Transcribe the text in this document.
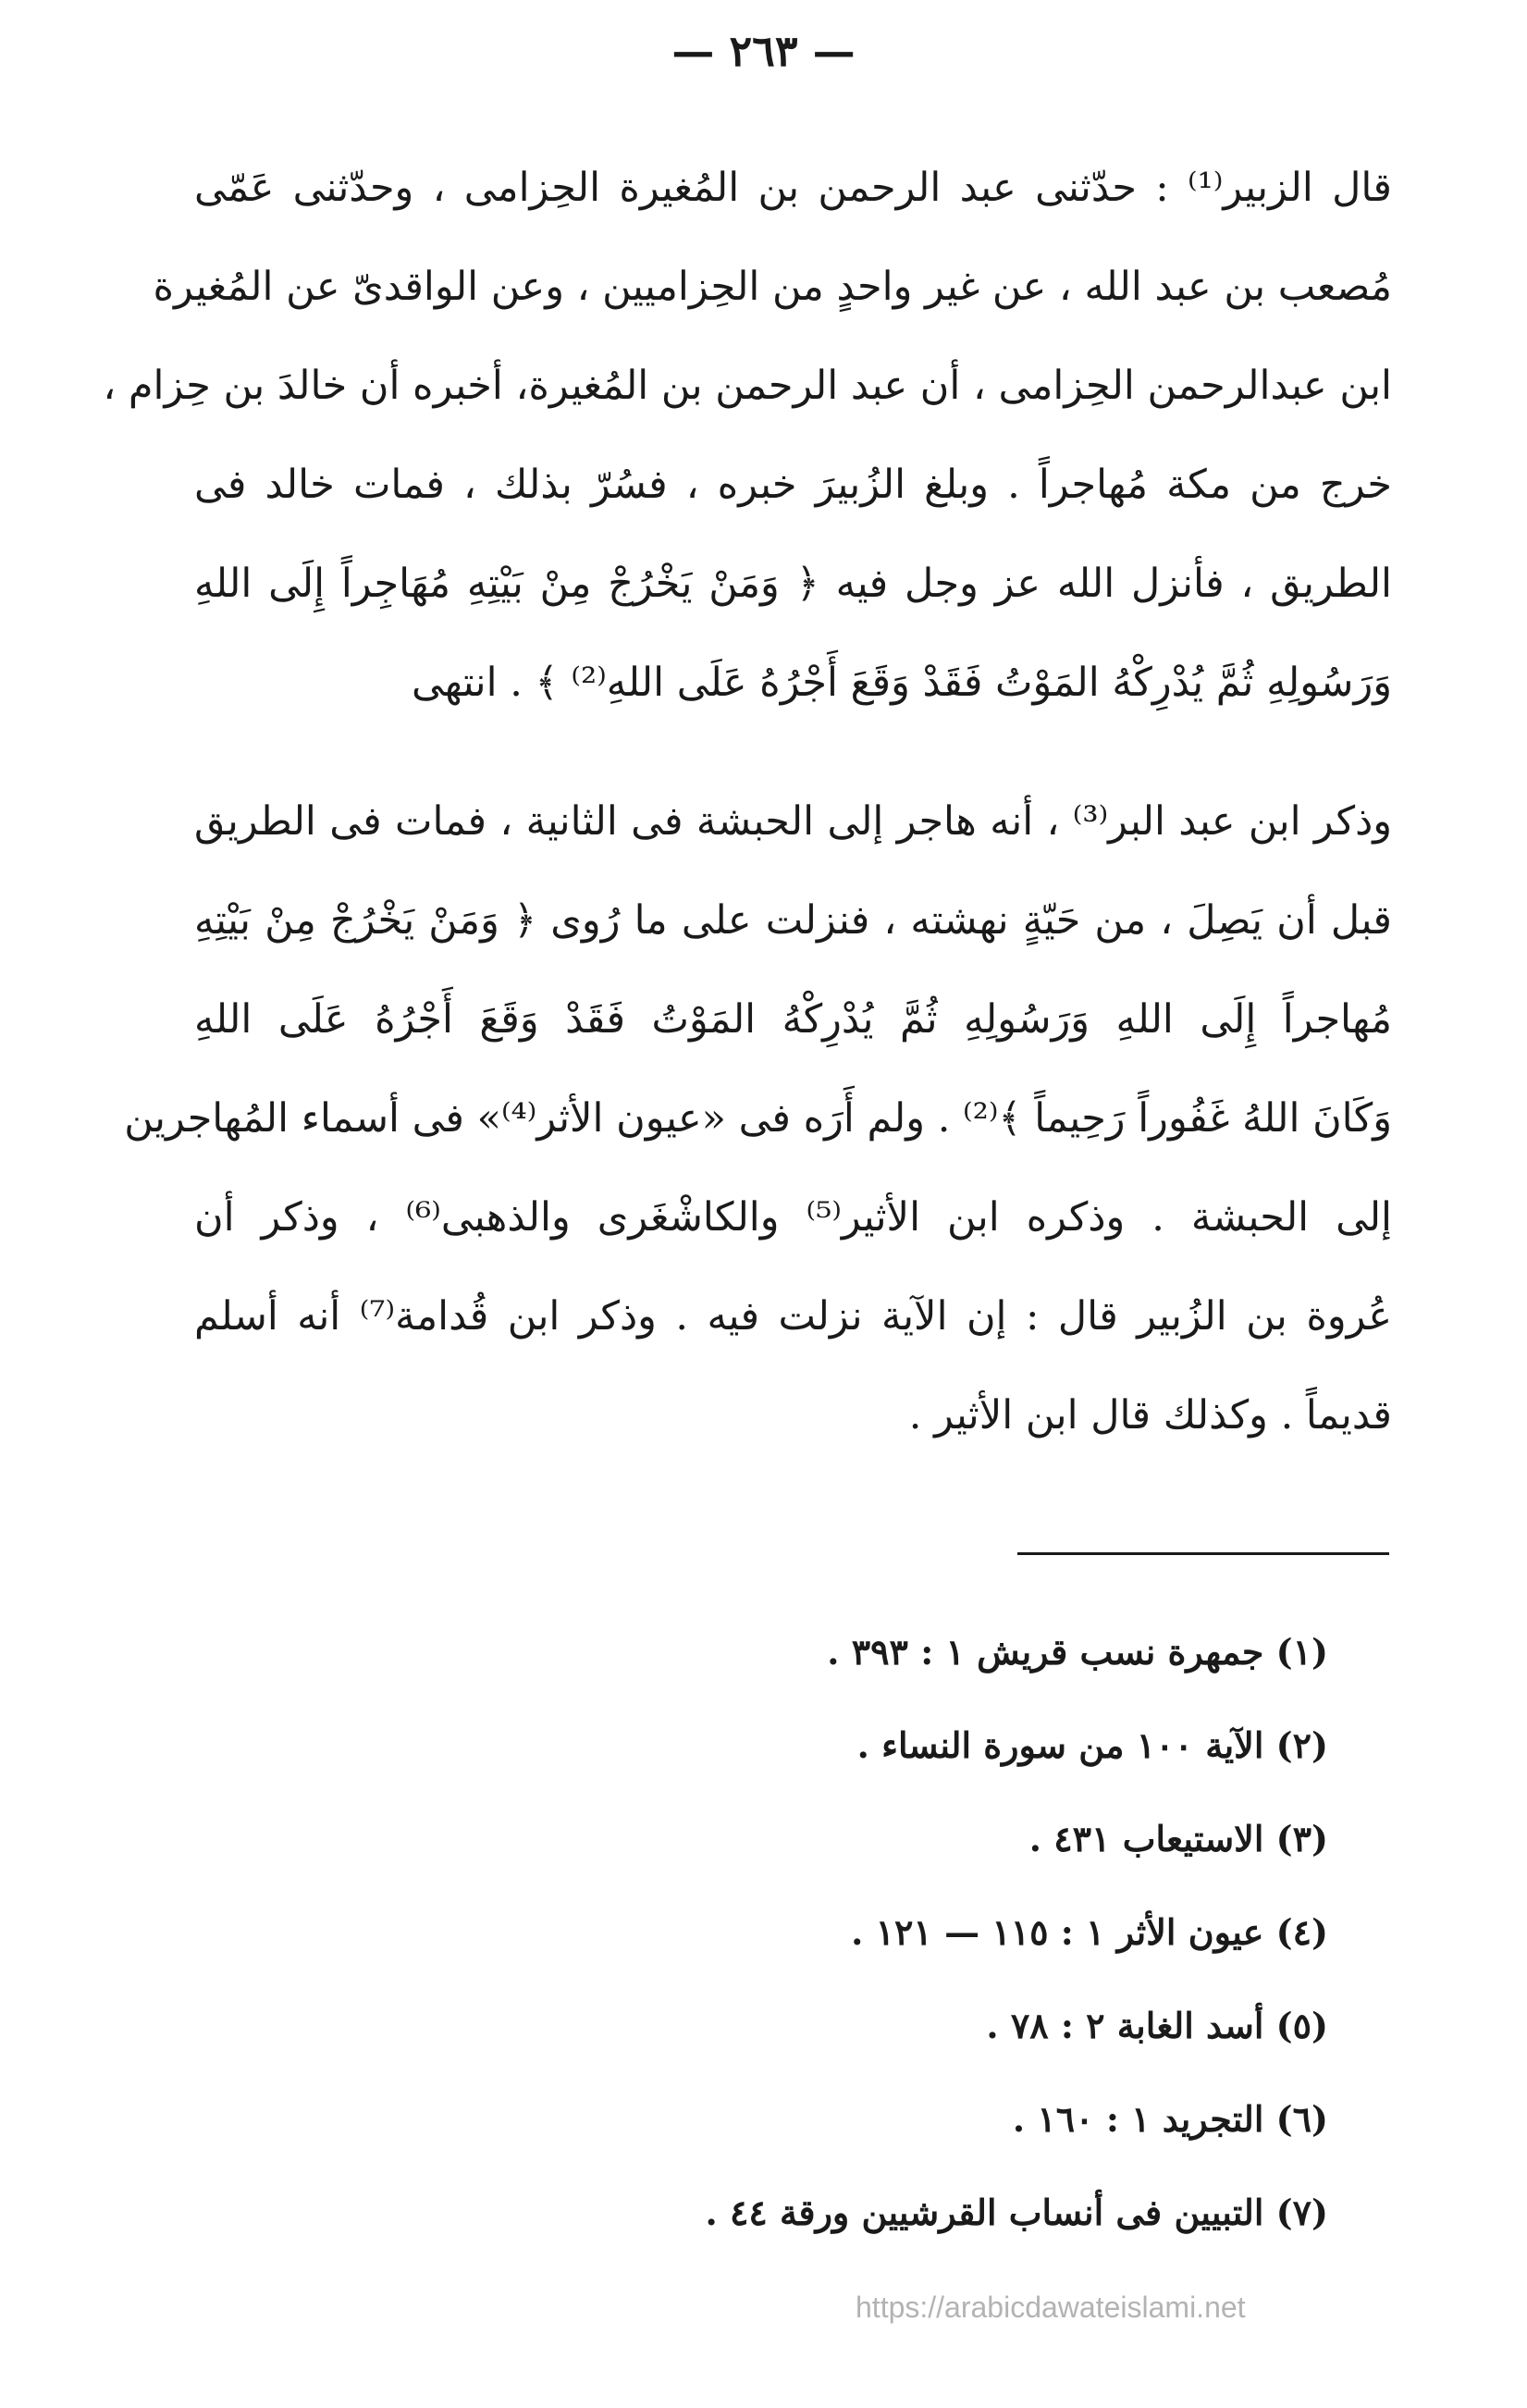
— ٢٦٣ —
قال الزبير⁽¹⁾ : حدّثنى عبد الرحمن بن المُغيرة الحِزامى ، وحدّثنى عَمّى
مُصعب بن عبد الله ، عن غير واحدٍ من الحِزاميين ، وعن الواقدىّ عن المُغيرة
ابن عبدالرحمن الحِزامى ، أن عبد الرحمن بن المُغيرة، أخبره أن خالدَ بن حِزام ،
خرج من مكة مُهاجراً . وبلغ الزُبيرَ خبره ، فسُرّ بذلك ، فمات خالد فى
الطريق ، فأنزل الله عز وجل فيه ﴿ وَمَنْ يَخْرُجْ مِنْ بَيْتِهِ مُهَاجِراً إِلَى اللهِ
وَرَسُولِهِ ثُمَّ يُدْرِكْهُ المَوْتُ فَقَدْ وَقَعَ أَجْرُهُ عَلَى اللهِ⁽²⁾ ﴾ . انتهى
وذكر ابن عبد البر⁽³⁾ ، أنه هاجر إلى الحبشة فى الثانية ، فمات فى الطريق
قبل أن يَصِلَ ، من حَيّةٍ نهشته ، فنزلت على ما رُوى ﴿ وَمَنْ يَخْرُجْ مِنْ بَيْتِهِ
مُهاجراً إِلَى اللهِ وَرَسُولِهِ ثُمَّ يُدْرِكْهُ المَوْتُ فَقَدْ وَقَعَ أَجْرُهُ عَلَى اللهِ
وَكَانَ اللهُ غَفُوراً رَحِيماً ﴾⁽²⁾ . ولم أَرَه فى «عيون الأثر⁽⁴⁾» فى أسماء المُهاجرين
إلى الحبشة . وذكره ابن الأثير⁽⁵⁾ والكاشْغَرى والذهبى⁽⁶⁾ ، وذكر أن
عُروة بن الزُبير قال : إن الآية نزلت فيه . وذكر ابن قُدامة⁽⁷⁾ أنه أسلم
قديماً . وكذلك قال ابن الأثير .
(١) جمهرة نسب قريش ١ : ٣٩٣ .
(٢) الآية ١٠٠ من سورة النساء .
(٣) الاستيعاب ٤٣١ .
(٤) عيون الأثر ١ : ١١٥ — ١٢١ .
(٥) أسد الغابة ٢ : ٧٨ .
(٦) التجريد ١ : ١٦٠ .
(٧) التبيين فى أنساب القرشيين ورقة ٤٤ .
https://arabicdawateislami.net
